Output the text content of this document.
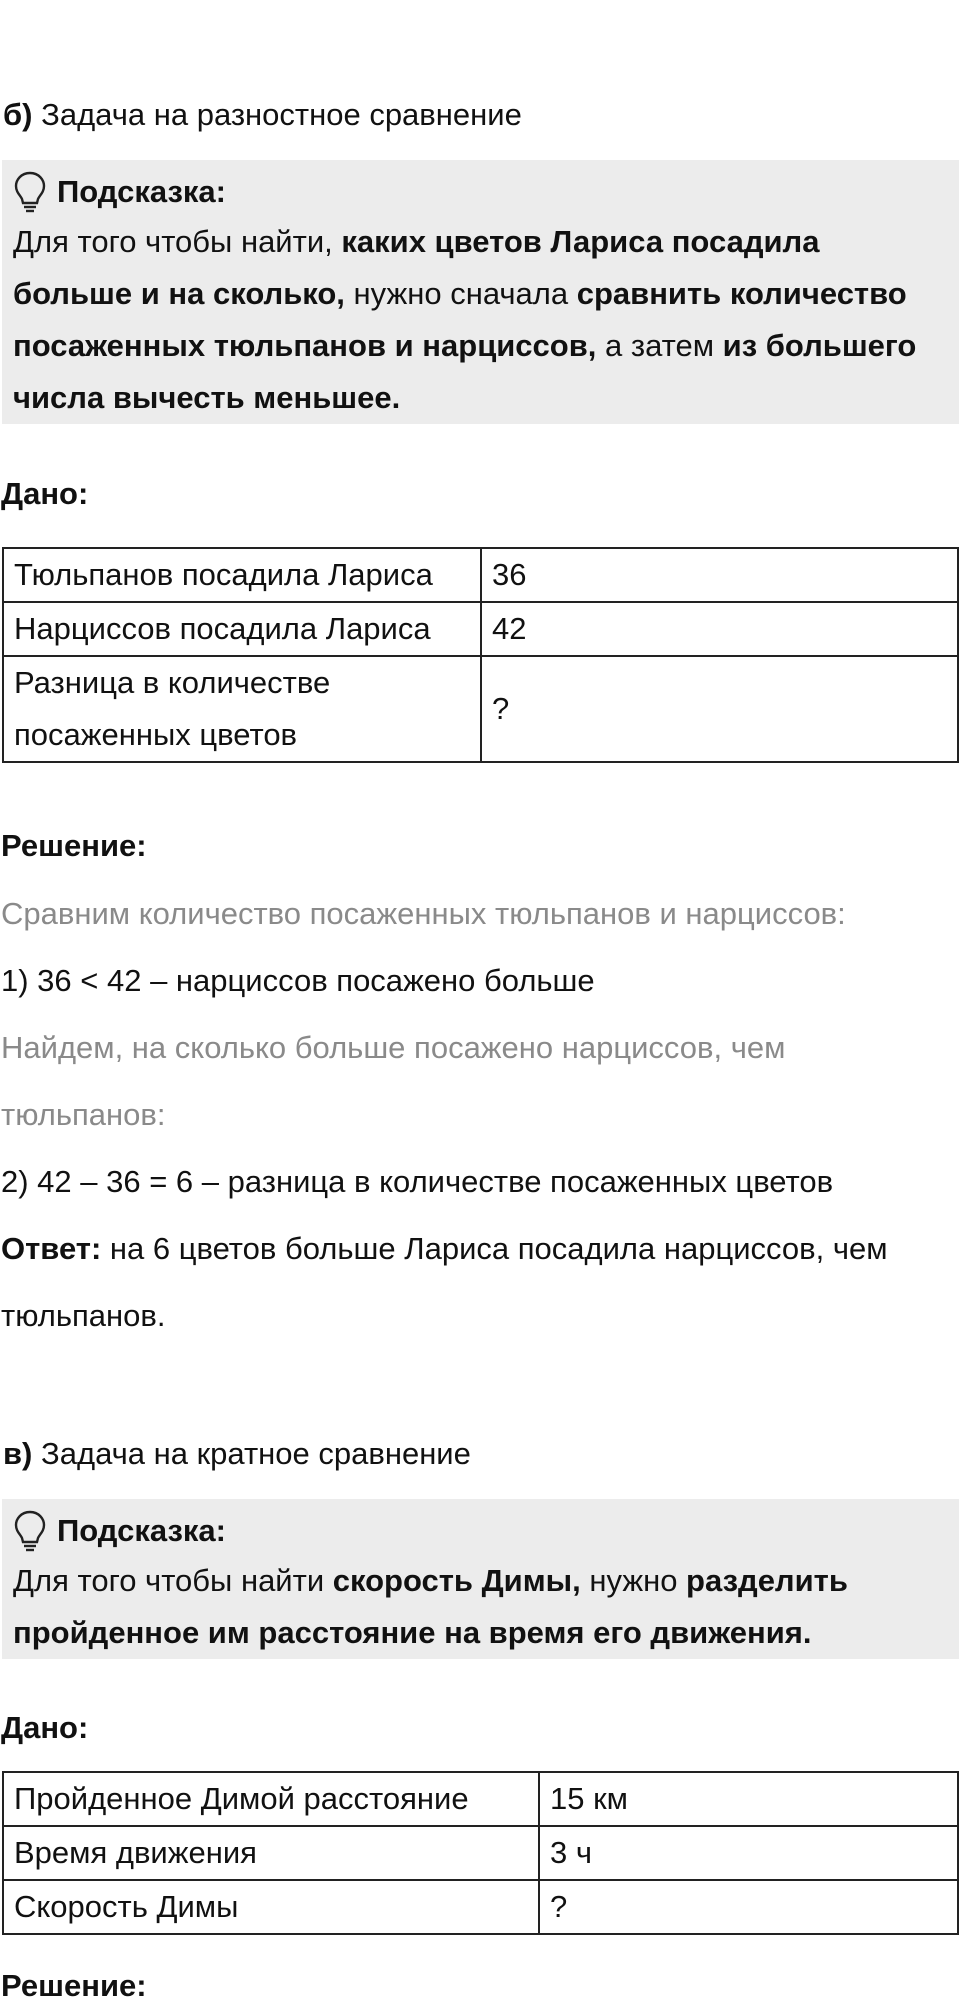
б) Задача на разностное сравнение
Подсказка:
Для того чтобы найти, каких цветов Лариса посадила больше и на сколько, нужно сначала сравнить количество посаженных тюльпанов и нарциссов, а затем из большего числа вычесть меньшее.
Дано:
Тюльпанов посадила Лариса	36
Нарциссов посадила Лариса	42
Разница в количестве посаженных цветов	?
Решение:
Сравним количество посаженных тюльпанов и нарциссов:
1) 36 < 42 – нарциссов посажено больше
Найдем, на сколько больше посажено нарциссов, чем
тюльпанов:
2) 42 – 36 = 6 – разница в количестве посаженных цветов
Ответ: на 6 цветов больше Лариса посадила нарциссов, чем
тюльпанов.
в) Задача на кратное сравнение
Подсказка:
Для того чтобы найти скорость Димы, нужно разделить пройденное им расстояние на время его движения.
Дано:
Пройденное Димой расстояние	15 км
Время движения	3 ч
Скорость Димы	?
Решение:
